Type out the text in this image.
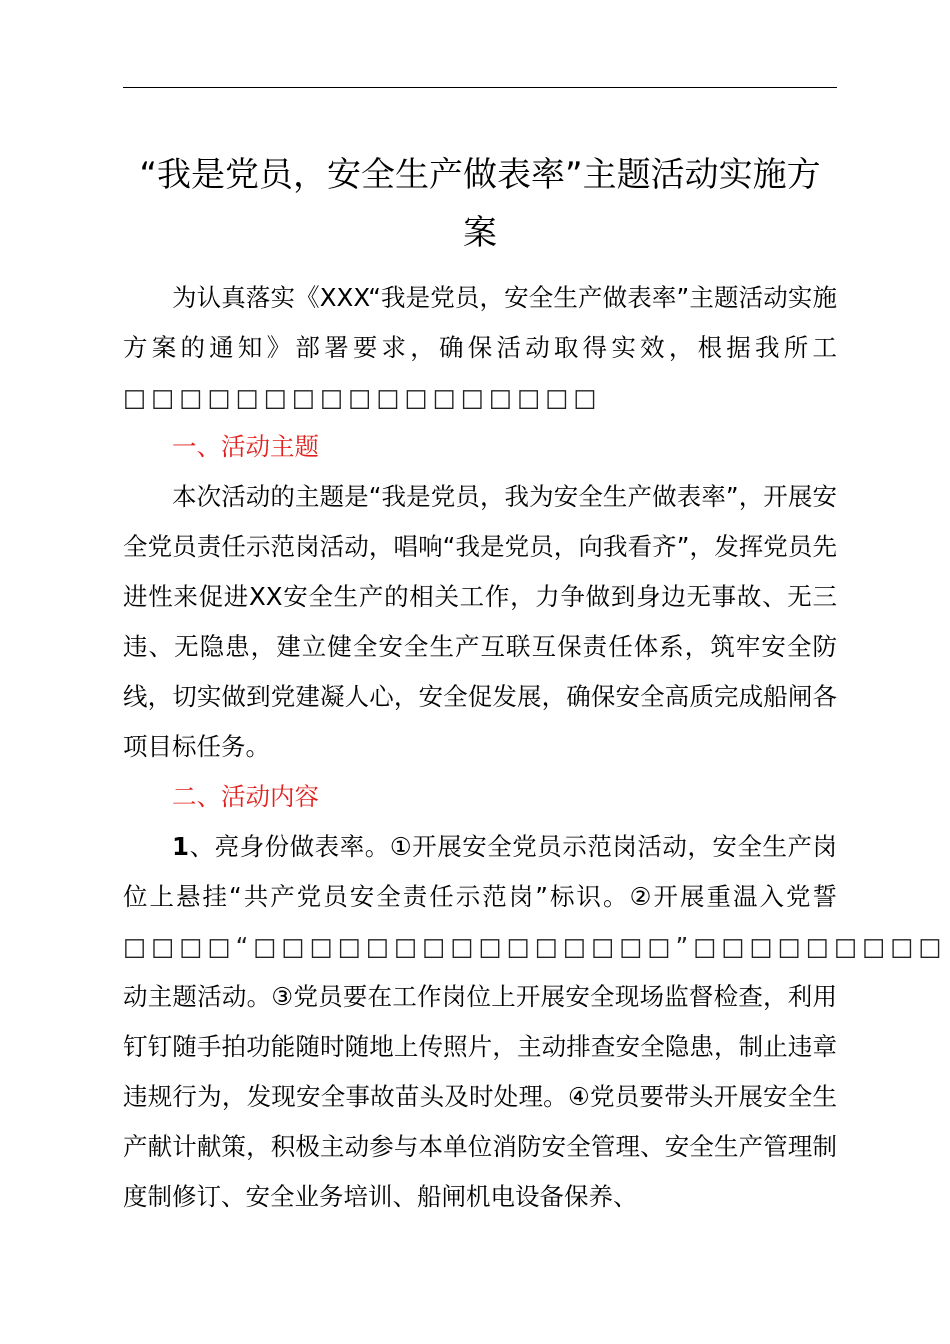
“我是党员，安全生产做表率”主题活动实施方案

为认真落实《XXX“我是党员，安全生产做表率”主题活动实施方案的通知》部署要求，确保活动取得实效，根据我所工□□□□□□□□□□□□□□□□□

一、活动主题

本次活动的主题是“我是党员，我为安全生产做表率”，开展安全党员责任示范岗活动，唱响“我是党员，向我看齐”，发挥党员先进性来促进XX安全生产的相关工作，力争做到身边无事故、无三违、无隐患，建立健全安全生产互联互保责任体系，筑牢安全防线，切实做到党建凝人心，安全促发展，确保安全高质完成船闸各项目标任务。

二、活动内容

1、亮身份做表率。①开展安全党员示范岗活动，安全生产岗位上悬挂“共产党员安全责任示范岗”标识。②开展重温入党誓□□□□“□□□□□□□□□□□□□□□”□□□□□□□□□动主题活动。③党员要在工作岗位上开展安全现场监督检查，利用钉钉随手拍功能随时随地上传照片，主动排查安全隐患，制止违章违规行为，发现安全事故苗头及时处理。④党员要带头开展安全生产献计献策，积极主动参与本单位消防安全管理、安全生产管理制度制修订、安全业务培训、船闸机电设备保养、
